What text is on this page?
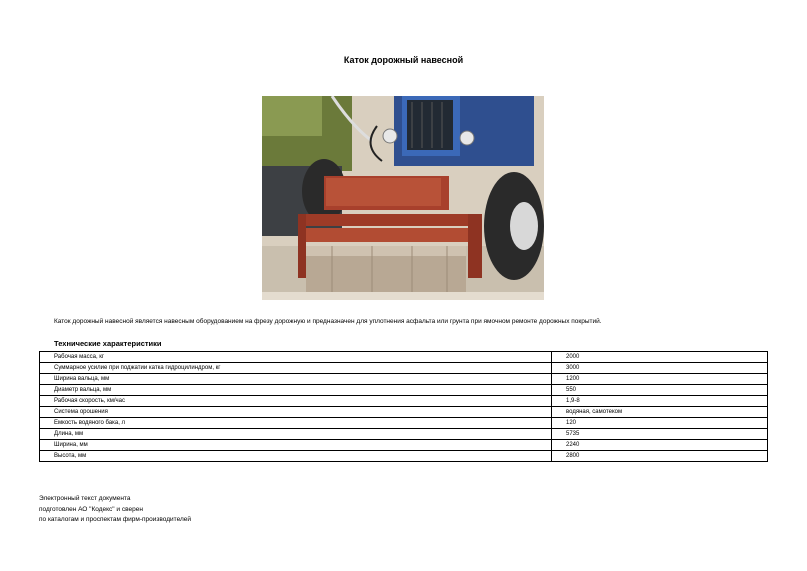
Каток дорожный навесной
Каток дорожный навесной является навесным оборудованием на фрезу дорожную и предназначен для уплотнения асфальта или грунта при ямочном ремонте дорожных покрытий.
Технические характеристики
Рабочая масса, кг	2000
Суммарное усилие при поджатии катка гидроцилиндром, кг	3000
Ширина вальца, мм	1200
Диаметр вальца, мм	550
Рабочая скорость, км/час	1,9-8
Система орошения	водяная, самотеком
Емкость водяного бака, л	120
Длина, мм	5735
Ширина, мм	2240
Высота, мм	2800
Электронный текст документа
подготовлен АО "Кодекс" и сверен
по каталогам и проспектам фирм-производителей
